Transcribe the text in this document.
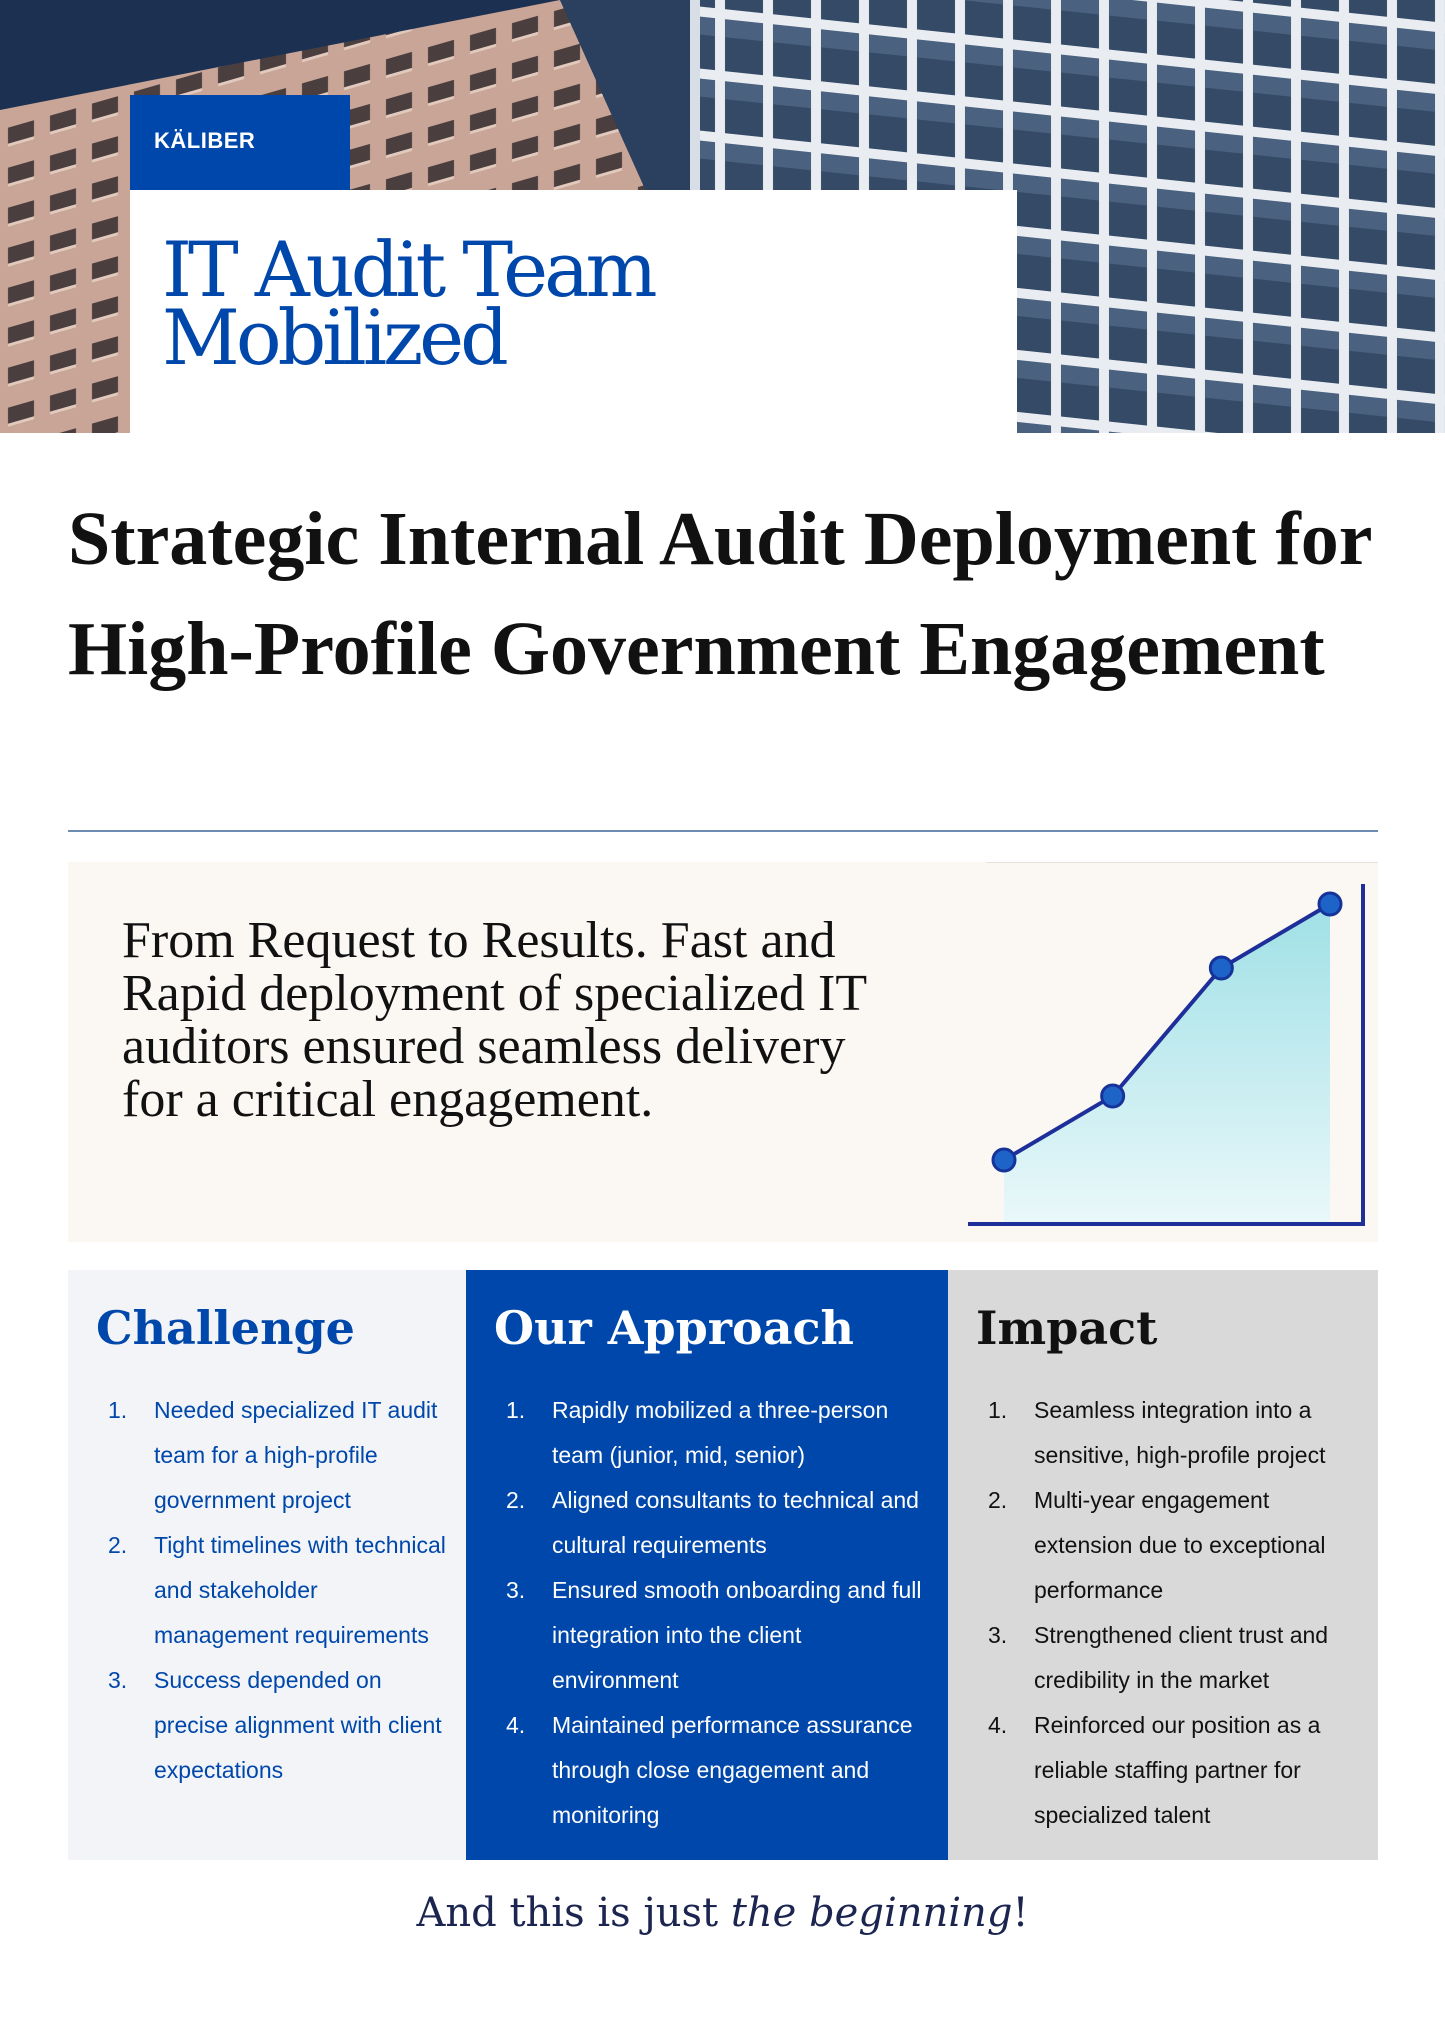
KÄLIBER
IT Audit Team
Mobilized
Strategic Internal Audit Deployment for High-Profile Government Engagement

From Request to Results. Fast and Rapid deployment of specialized IT auditors ensured seamless delivery for a critical engagement.

Challenge
1. Needed specialized IT audit team for a high-profile government project
2. Tight timelines with technical and stakeholder management requirements
3. Success depended on precise alignment with client expectations
Our Approach
1. Rapidly mobilized a three-person team (junior, mid, senior)
2. Aligned consultants to technical and cultural requirements
3. Ensured smooth onboarding and full integration into the client environment
4. Maintained performance assurance through close engagement and monitoring
Impact
1. Seamless integration into a sensitive, high-profile project
2. Multi-year engagement extension due to exceptional performance
3. Strengthened client trust and credibility in the market
4. Reinforced our position as a reliable staffing partner for specialized talent

And this is just the beginning!
